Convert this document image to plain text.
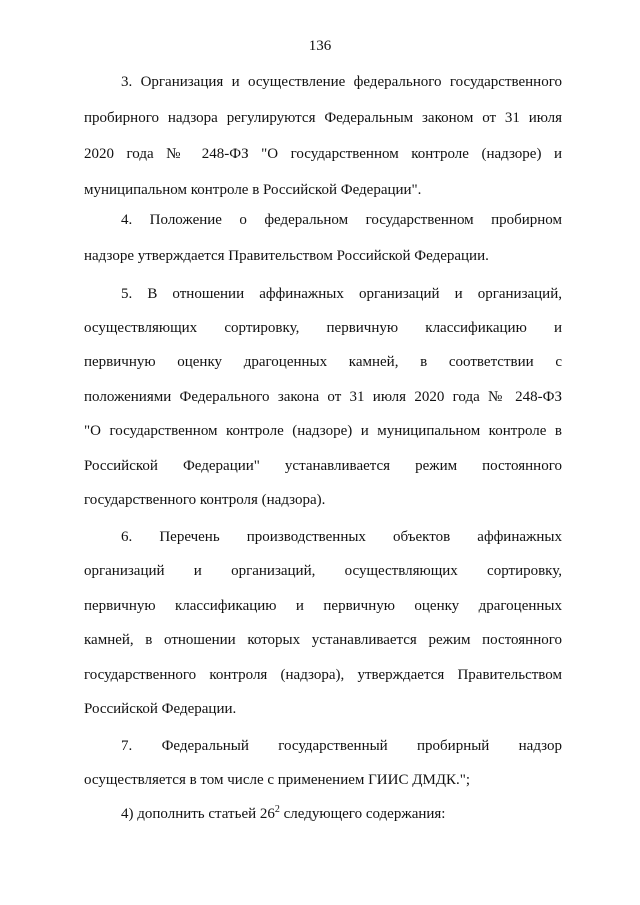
136
3. Организация и осуществление федерального государственного
пробирного надзора регулируются Федеральным законом от 31 июля
2020 года № 248-ФЗ "О государственном контроле (надзоре) и
муниципальном контроле в Российской Федерации".
4. Положение о федеральном государственном пробирном
надзоре утверждается Правительством Российской Федерации.
5. В отношении аффинажных организаций и организаций,
осуществляющих сортировку, первичную классификацию и
первичную оценку драгоценных камней, в соответствии с
положениями Федерального закона от 31 июля 2020 года № 248-ФЗ
"О государственном контроле (надзоре) и муниципальном контроле в
Российской Федерации" устанавливается режим постоянного
государственного контроля (надзора).
6. Перечень производственных объектов аффинажных
организаций и организаций, осуществляющих сортировку,
первичную классификацию и первичную оценку драгоценных
камней, в отношении которых устанавливается режим постоянного
государственного контроля (надзора), утверждается Правительством
Российской Федерации.
7. Федеральный государственный пробирный надзор
осуществляется в том числе с применением ГИИС ДМДК.";
4) дополнить статьей $26^2$ следующего содержания:
